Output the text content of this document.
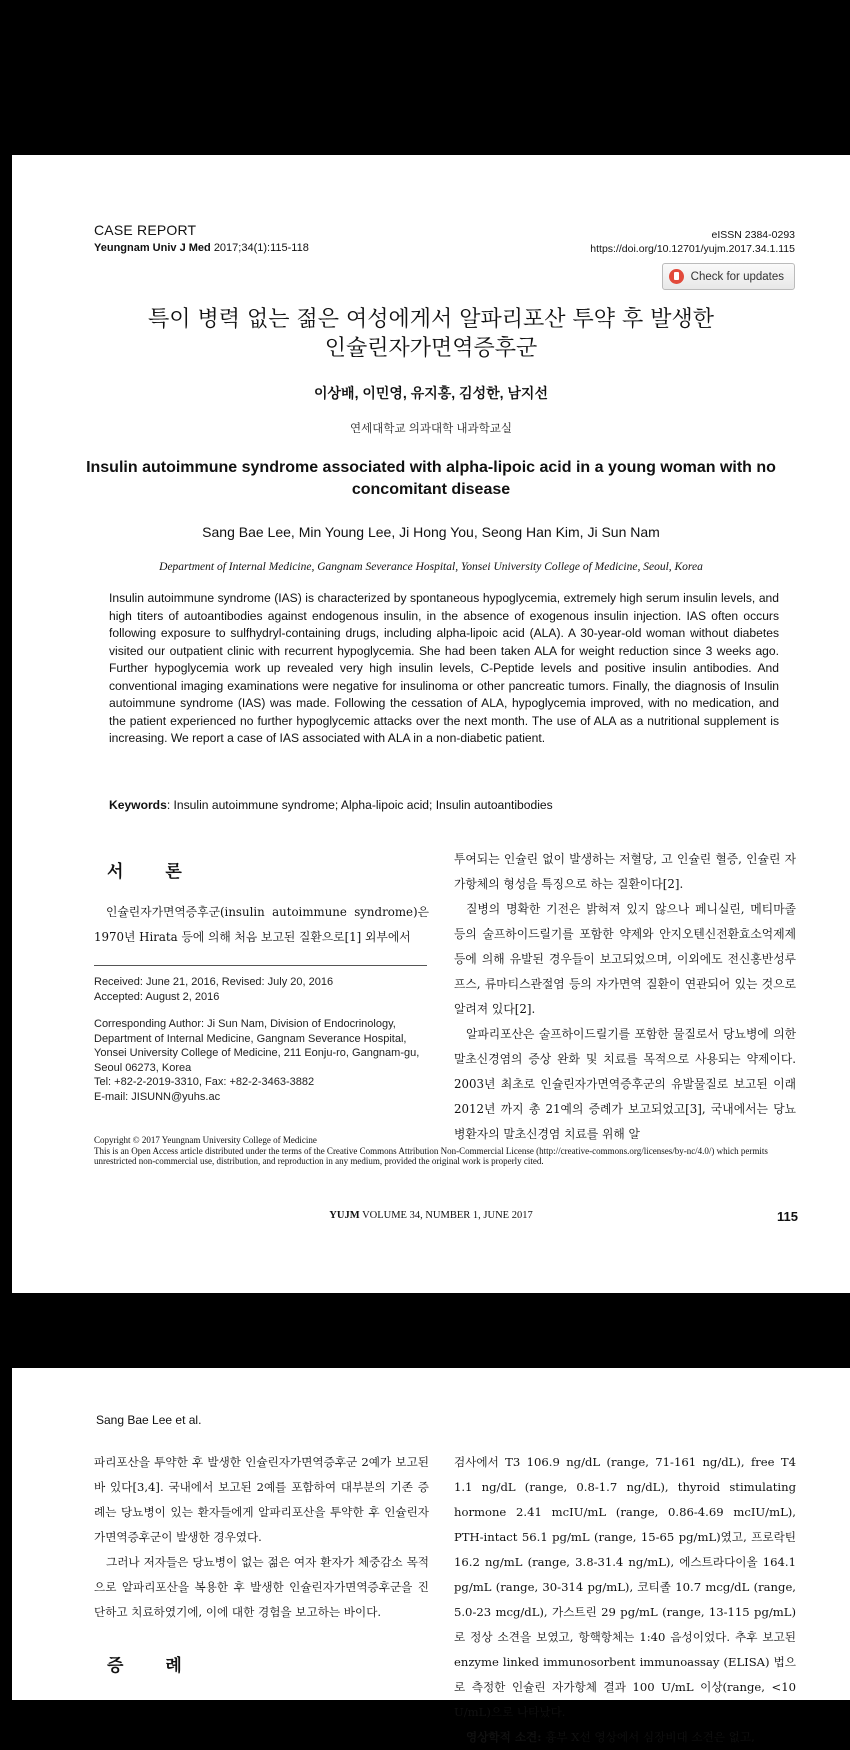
CASE REPORT
Yeungnam Univ J Med 2017;34(1):115-118
eISSN 2384-0293
https://doi.org/10.12701/yujm.2017.34.1.115
Check for updates
특이 병력 없는 젊은 여성에게서 알파리포산 투약 후 발생한
인슐린자가면역증후군
이상배, 이민영, 유지홍, 김성한, 남지선
연세대학교 의과대학 내과학교실
Insulin autoimmune syndrome associated with alpha-lipoic acid in a young woman with no concomitant disease
Sang Bae Lee, Min Young Lee, Ji Hong You, Seong Han Kim, Ji Sun Nam
Department of Internal Medicine, Gangnam Severance Hospital, Yonsei University College of Medicine, Seoul, Korea
Insulin autoimmune syndrome (IAS) is characterized by spontaneous hypoglycemia, extremely high serum insulin levels, and high titers of autoantibodies against endogenous insulin, in the absence of exogenous insulin injection. IAS often occurs following exposure to sulfhydryl-containing drugs, including alpha-lipoic acid (ALA). A 30-year-old woman without diabetes visited our outpatient clinic with recurrent hypoglycemia. She had been taken ALA for weight reduction since 3 weeks ago. Further hypoglycemia work up revealed very high insulin levels, C-Peptide levels and positive insulin antibodies. And conventional imaging examinations were negative for insulinoma or other pancreatic tumors. Finally, the diagnosis of Insulin autoimmune syndrome (IAS) was made. Following the cessation of ALA, hypoglycemia improved, with no medication, and the patient experienced no further hypoglycemic attacks over the next month. The use of ALA as a nutritional supplement is increasing. We report a case of IAS associated with ALA in a non-diabetic patient.
Keywords: Insulin autoimmune syndrome; Alpha-lipoic acid; Insulin autoantibodies
서 론
인슐린자가면역증후군(insulin autoimmune syndrome)은 1970년 Hirata 등에 의해 처음 보고된 질환으로[1] 외부에서
Received: June 21, 2016, Revised: July 20, 2016
Accepted: August 2, 2016
Corresponding Author: Ji Sun Nam, Division of Endocrinology, Department of Internal Medicine, Gangnam Severance Hospital, Yonsei University College of Medicine, 211 Eonju-ro, Gangnam-gu, Seoul 06273, Korea
Tel: +82-2-2019-3310, Fax: +82-2-3463-3882
E-mail: JISUNN@yuhs.ac
투여되는 인슐린 없이 발생하는 저혈당, 고 인슐린 혈증, 인슐린 자가항체의 형성을 특징으로 하는 질환이다[2].
질병의 명확한 기전은 밝혀져 있지 않으나 페니실린, 메티마졸 등의 술프하이드릴기를 포함한 약제와 안지오텐신전환효소억제제 등에 의해 유발된 경우들이 보고되었으며, 이외에도 전신홍반성루프스, 류마티스관절염 등의 자가면역 질환이 연관되어 있는 것으로 알려져 있다[2].
알파리포산은 술프하이드릴기를 포함한 물질로서 당뇨병에 의한 말초신경염의 증상 완화 및 치료를 목적으로 사용되는 약제이다. 2003년 최초로 인슐린자가면역증후군의 유발물질로 보고된 이래 2012년 까지 총 21예의 증례가 보고되었고[3], 국내에서는 당뇨병환자의 말초신경염 치료를 위해 알
Copyright © 2017 Yeungnam University College of Medicine
This is an Open Access article distributed under the terms of the Creative Commons Attribution Non-Commercial License (http://creative-commons.org/licenses/by-nc/4.0/) which permits unrestricted non-commercial use, distribution, and reproduction in any medium, provided the original work is properly cited.
YUJM VOLUME 34, NUMBER 1, JUNE 2017	115
Sang Bae Lee et al.
파리포산을 투약한 후 발생한 인슐린자가면역증후군 2예가 보고된 바 있다[3,4]. 국내에서 보고된 2예를 포함하여 대부분의 기존 증례는 당뇨병이 있는 환자들에게 알파리포산을 투약한 후 인슐린자가면역증후군이 발생한 경우였다.
그러나 저자들은 당뇨병이 없는 젊은 여자 환자가 체중감소 목적으로 알파리포산을 복용한 후 발생한 인슐린자가면역증후군을 진단하고 치료하였기에, 이에 대한 경험을 보고하는 바이다.
증 례
검사에서 T3 106.9 ng/dL (range, 71-161 ng/dL), free T4 1.1 ng/dL (range, 0.8-1.7 ng/dL), thyroid stimulating hormone 2.41 mcIU/mL (range, 0.86-4.69 mcIU/mL), PTH-intact 56.1 pg/mL (range, 15-65 pg/mL)였고, 프로락틴 16.2 ng/mL (range, 3.8-31.4 ng/mL), 에스트라다이올 164.1 pg/mL (range, 30-314 pg/mL), 코티졸 10.7 mcg/dL (range, 5.0-23 mcg/dL), 가스트린 29 pg/mL (range, 13-115 pg/mL)로 정상 소견을 보였고, 항핵항체는 1:40 음성이었다. 추후 보고된 enzyme linked immunosorbent immunoassay (ELISA) 법으로 측정한 인슐린 자가항체 결과 100 U/mL 이상(range, <10 U/mL)으로 나타났다.
영상학적 소견: 흉부 X선 영상에서 심장비대 소견은 없고,
